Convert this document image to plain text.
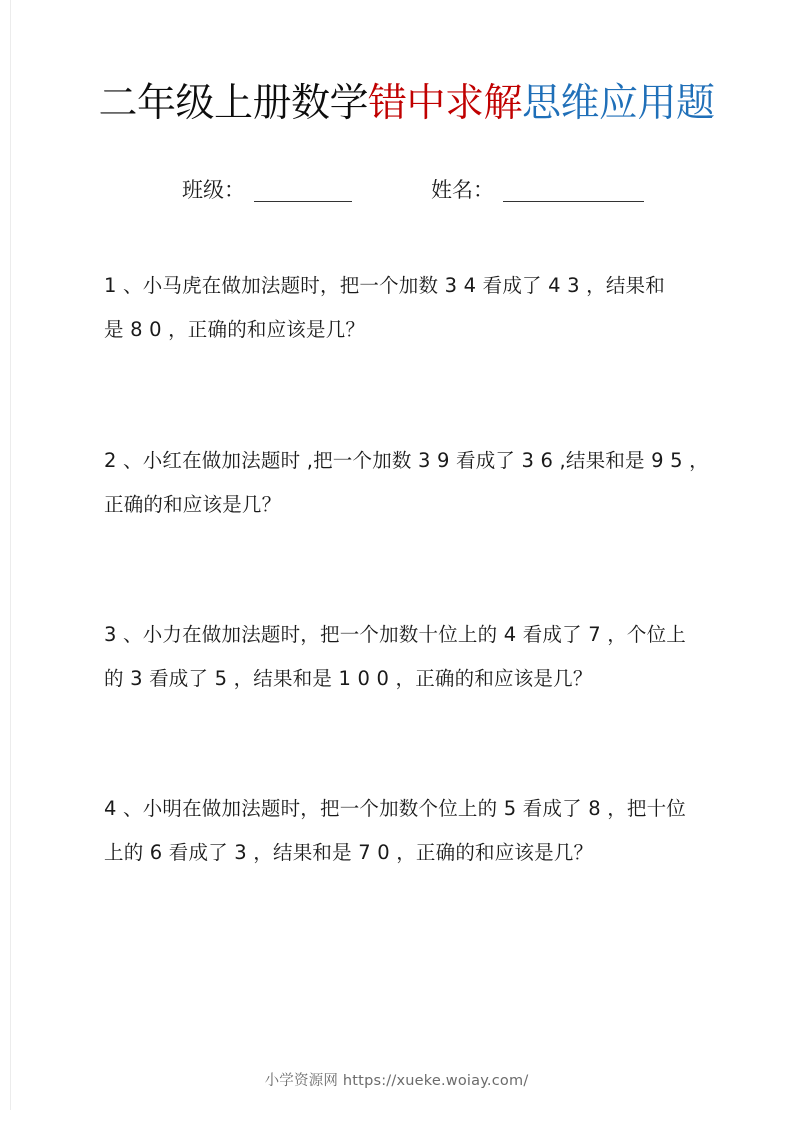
二年级上册数学错中求解思维应用题
班级：	姓名：
1 、小马虎在做加法题时，把一个加数 3 4 看成了 4 3 ，结果和
是 8 0 ，正确的和应该是几？
2 、小红在做加法题时 ,把一个加数 3 9 看成了 3 6 ,结果和是 9 5 ，
正确的和应该是几？
3 、小力在做加法题时，把一个加数十位上的 4 看成了 7 ，个位上
的 3 看成了 5 ，结果和是 1 0 0 ，正确的和应该是几？
4 、小明在做加法题时，把一个加数个位上的 5 看成了 8 ，把十位
上的 6 看成了 3 ，结果和是 7 0 ，正确的和应该是几？
小学资源网 https://xueke.woiay.com/
